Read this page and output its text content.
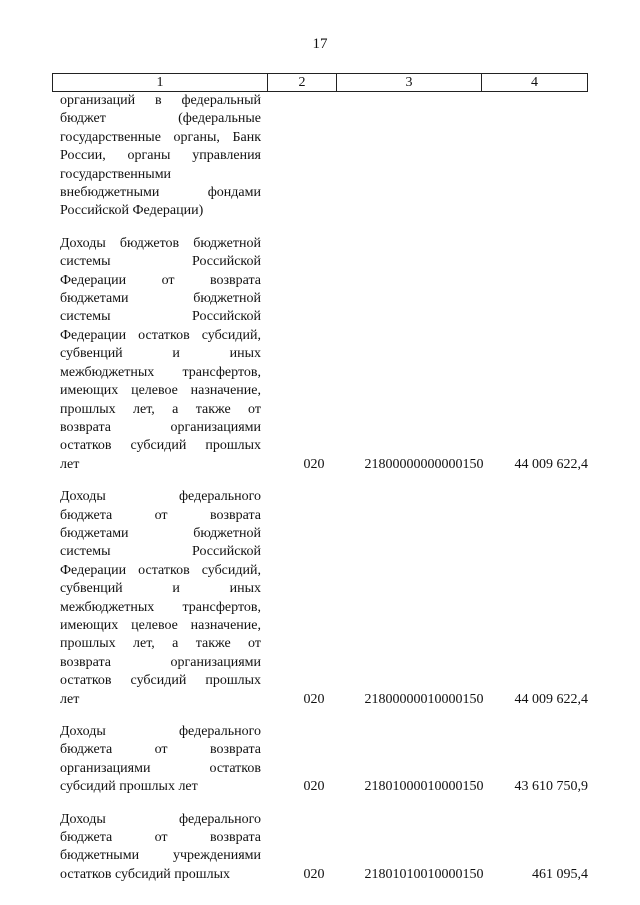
17
1	2	3	4
организаций в федеральный
бюджет (федеральные
государственные органы, Банк
России, органы управления
государственными
внебюджетными фондами
Российской Федерации)
Доходы бюджетов бюджетной
системы Российской
Федерации от возврата
бюджетами бюджетной
системы Российской
Федерации остатков субсидий,
субвенций и иных
межбюджетных трансфертов,
имеющих целевое назначение,
прошлых лет, а также от
возврата организациями
остатков субсидий прошлых
лет	020	21800000000000150	44 009 622,4
Доходы федерального
бюджета от возврата
бюджетами бюджетной
системы Российской
Федерации остатков субсидий,
субвенций и иных
межбюджетных трансфертов,
имеющих целевое назначение,
прошлых лет, а также от
возврата организациями
остатков субсидий прошлых
лет	020	21800000010000150	44 009 622,4
Доходы федерального
бюджета от возврата
организациями остатков
субсидий прошлых лет	020	21801000010000150	43 610 750,9
Доходы федерального
бюджета от возврата
бюджетными учреждениями
остатков субсидий прошлых	020	21801010010000150	461 095,4
